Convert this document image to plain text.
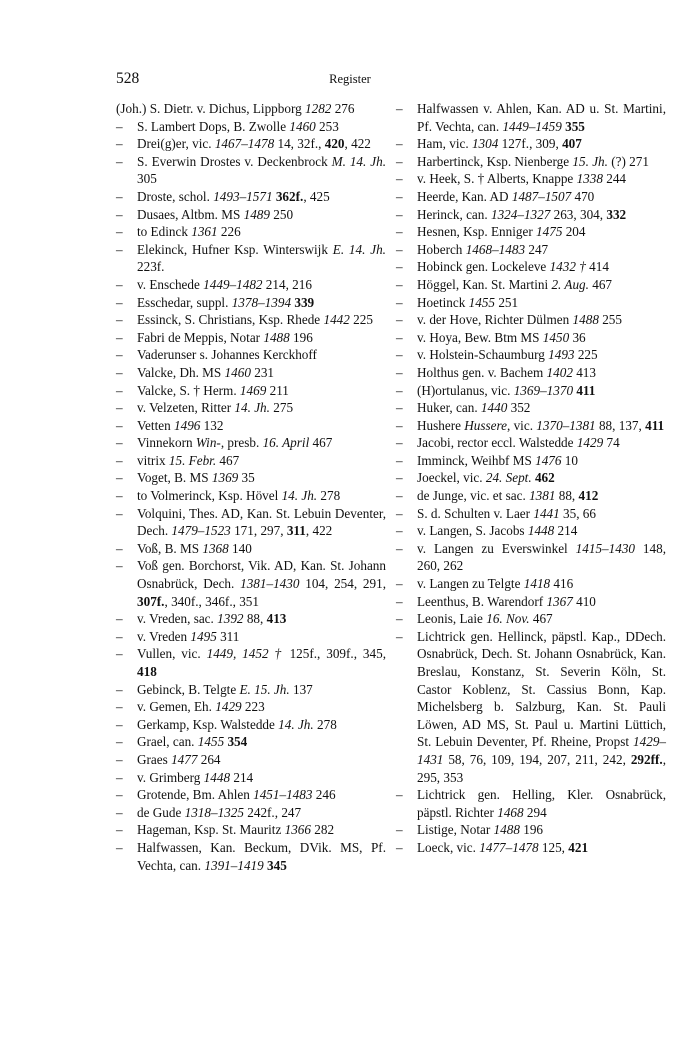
528	Register

(Joh.) S. Dietr. v. Dichus, Lippborg 1282 276

– S. Lambert Dops, B. Zwolle 1460 253

– Drei(g)er, vic. 1467–1478 14, 32f., 420, 422

– S. Everwin Drostes v. Deckenbrock M. 14. Jh. 305

– Droste, schol. 1493–1571 362f., 425

– Dusaes, Altbm. MS 1489 250

– to Edinck 1361 226

– Elekinck, Hufner Ksp. Winterswijk E. 14. Jh. 223f.

– v. Enschede 1449–1482 214, 216

– Esschedar, suppl. 1378–1394 339

– Essinck, S. Christians, Ksp. Rhede 1442 225

– Fabri de Meppis, Notar 1488 196

– Vaderunser s. Johannes Kerckhoff

– Valcke, Dh. MS 1460 231

– Valcke, S. † Herm. 1469 211

– v. Velzeten, Ritter 14. Jh. 275

– Vetten 1496 132

– Vinnekorn Win-, presb. 16. April 467

– vitrix 15. Febr. 467

– Voget, B. MS 1369 35

– to Volmerinck, Ksp. Hövel 14. Jh. 278

– Volquini, Thes. AD, Kan. St. Lebuin Deventer, Dech. 1479–1523 171, 297, 311, 422

– Voß, B. MS 1368 140

– Voß gen. Borchorst, Vik. AD, Kan. St. Johann Osnabrück, Dech. 1381–1430 104, 254, 291, 307f., 340f., 346f., 351

– v. Vreden, sac. 1392 88, 413

– v. Vreden 1495 311

– Vullen, vic. 1449, 1452 † 125f., 309f., 345, 418

– Gebinck, B. Telgte E. 15. Jh. 137

– v. Gemen, Eh. 1429 223

– Gerkamp, Ksp. Walstedde 14. Jh. 278

– Grael, can. 1455 354

– Graes 1477 264

– v. Grimberg 1448 214

– Grotende, Bm. Ahlen 1451–1483 246

– de Gude 1318–1325 242f., 247

– Hageman, Ksp. St. Mauritz 1366 282

– Halfwassen, Kan. Beckum, DVik. MS, Pf. Vechta, can. 1391–1419 345

– Halfwassen v. Ahlen, Kan. AD u. St. Martini, Pf. Vechta, can. 1449–1459 355

– Ham, vic. 1304 127f., 309, 407

– Harbertinck, Ksp. Nienberge 15. Jh. (?) 271

– v. Heek, S. † Alberts, Knappe 1338 244

– Heerde, Kan. AD 1487–1507 470

– Herinck, can. 1324–1327 263, 304, 332

– Hesnen, Ksp. Enniger 1475 204

– Hoberch 1468–1483 247

– Hobinck gen. Lockeleve 1432 † 414

– Höggel, Kan. St. Martini 2. Aug. 467

– Hoetinck 1455 251

– v. der Hove, Richter Dülmen 1488 255

– v. Hoya, Bew. Btm MS 1450 36

– v. Holstein-Schaumburg 1493 225

– Holthus gen. v. Bachem 1402 413

– (H)ortulanus, vic. 1369–1370 411

– Huker, can. 1440 352

– Hushere Hussere, vic. 1370–1381 88, 137, 411

– Jacobi, rector eccl. Walstedde 1429 74

– Imminck, Weihbf MS 1476 10

– Joeckel, vic. 24. Sept. 462

– de Junge, vic. et sac. 1381 88, 412

– S. d. Schulten v. Laer 1441 35, 66

– v. Langen, S. Jacobs 1448 214

– v. Langen zu Everswinkel 1415–1430 148, 260, 262

– v. Langen zu Telgte 1418 416

– Leenthus, B. Warendorf 1367 410

– Leonis, Laie 16. Nov. 467

– Lichtrick gen. Hellinck, päpstl. Kap., DDech. Osnabrück, Dech. St. Johann Osnabrück, Kan. Breslau, Konstanz, St. Severin Köln, St. Castor Koblenz, St. Cassius Bonn, Kap. Michelsberg b. Salzburg, Kan. St. Pauli Löwen, AD MS, St. Paul u. Martini Lüttich, St. Lebuin Deventer, Pf. Rheine, Propst 1429–1431 58, 76, 109, 194, 207, 211, 242, 292ff., 295, 353

– Lichtrick gen. Helling, Kler. Osnabrück, päpstl. Richter 1468 294

– Listige, Notar 1488 196

– Loeck, vic. 1477–1478 125, 421
